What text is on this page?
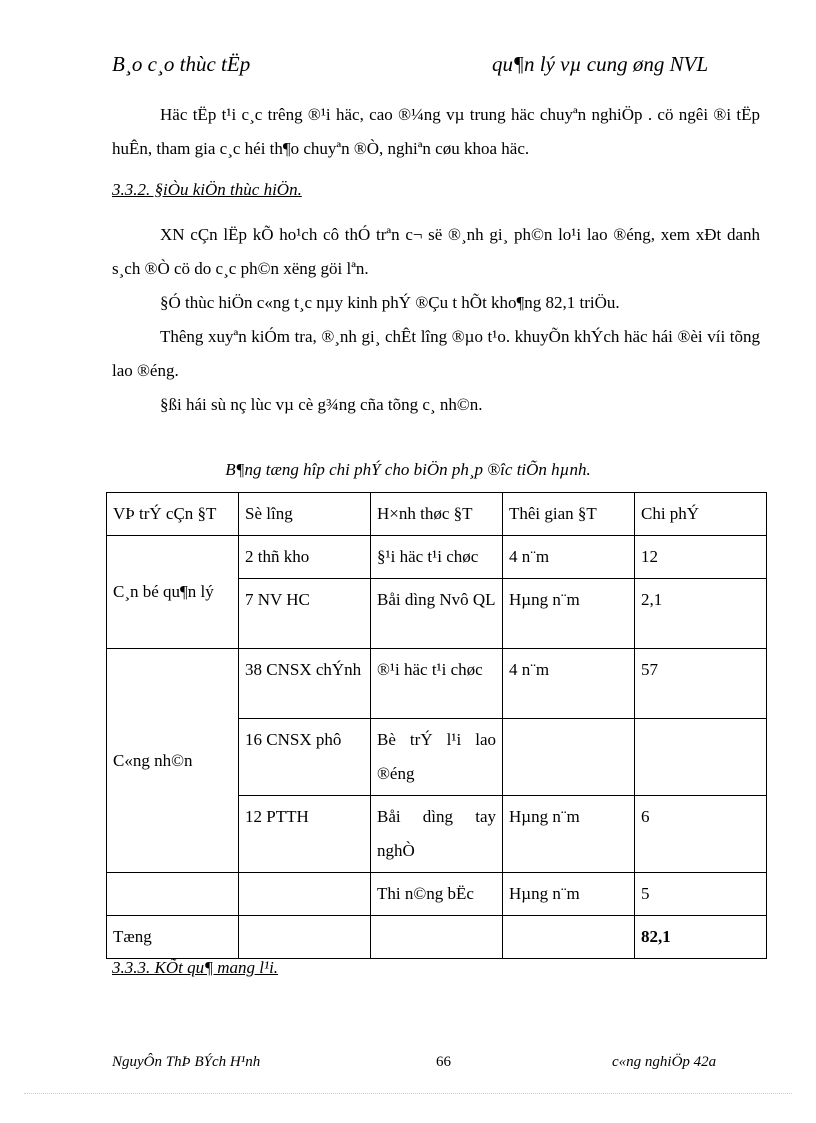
B¸o c¸o thùc tËp	qu¶n lý vµ cung øng NVL

Häc tËp t¹i c¸c trêng ®¹i häc, cao ®¼ng vµ trung häc chuyªn nghiÖp . cö ngêi ®i tËp huÊn, tham gia c¸c héi th¶o chuyªn ®Ò, nghiªn cøu khoa häc.

3.3.2. §iÒu kiÖn thùc hiÖn.

XN cÇn lËp kÕ ho¹ch cô thÓ trªn c¬ së ®¸nh gi¸ ph©n lo¹i lao ®éng, xem xÐt danh s¸ch ®Ò cö do c¸c ph©n xëng göi lªn.

§Ó thùc hiÖn c«ng t¸c nµy kinh phÝ ®Çu t hÕt kho¶ng 82,1 triÖu.

Thêng xuyªn kiÓm tra, ®¸nh gi¸ chÊt lîng ®µo t¹o. khuyÕn khÝch häc hái ®èi víi tõng lao ®éng.

§ßi hái sù nç lùc vµ cè g¾ng cña tõng c¸ nh©n.

B¶ng tæng hîp chi phÝ cho biÖn ph¸p ®îc tiÕn hµnh.
VÞ trÝ cÇn §T	Sè lîng	H×nh thøc §T	Thêi gian §T	Chi phÝ
C¸n bé qu¶n lý	2 thñ kho	§¹i häc t¹i chøc	4 n¨m	12
	7 NV HC	Båi dìng Nvô QL	Hµng n¨m	2,1
C«ng nh©n	38 CNSX chÝnh	®¹i häc t¹i chøc	4 n¨m	57
	16 CNSX phô	Bè trÝ l¹i lao ®éng		
	12 PTTH	Båi dìng tay nghÒ	Hµng n¨m	6
		Thi n©ng bËc	Hµng n¨m	5
Tæng				82,1
3.3.3. KÕt qu¶ mang l¹i.
NguyÔn ThÞ BÝch H¹nh	66	c«ng nghiÖp 42a
